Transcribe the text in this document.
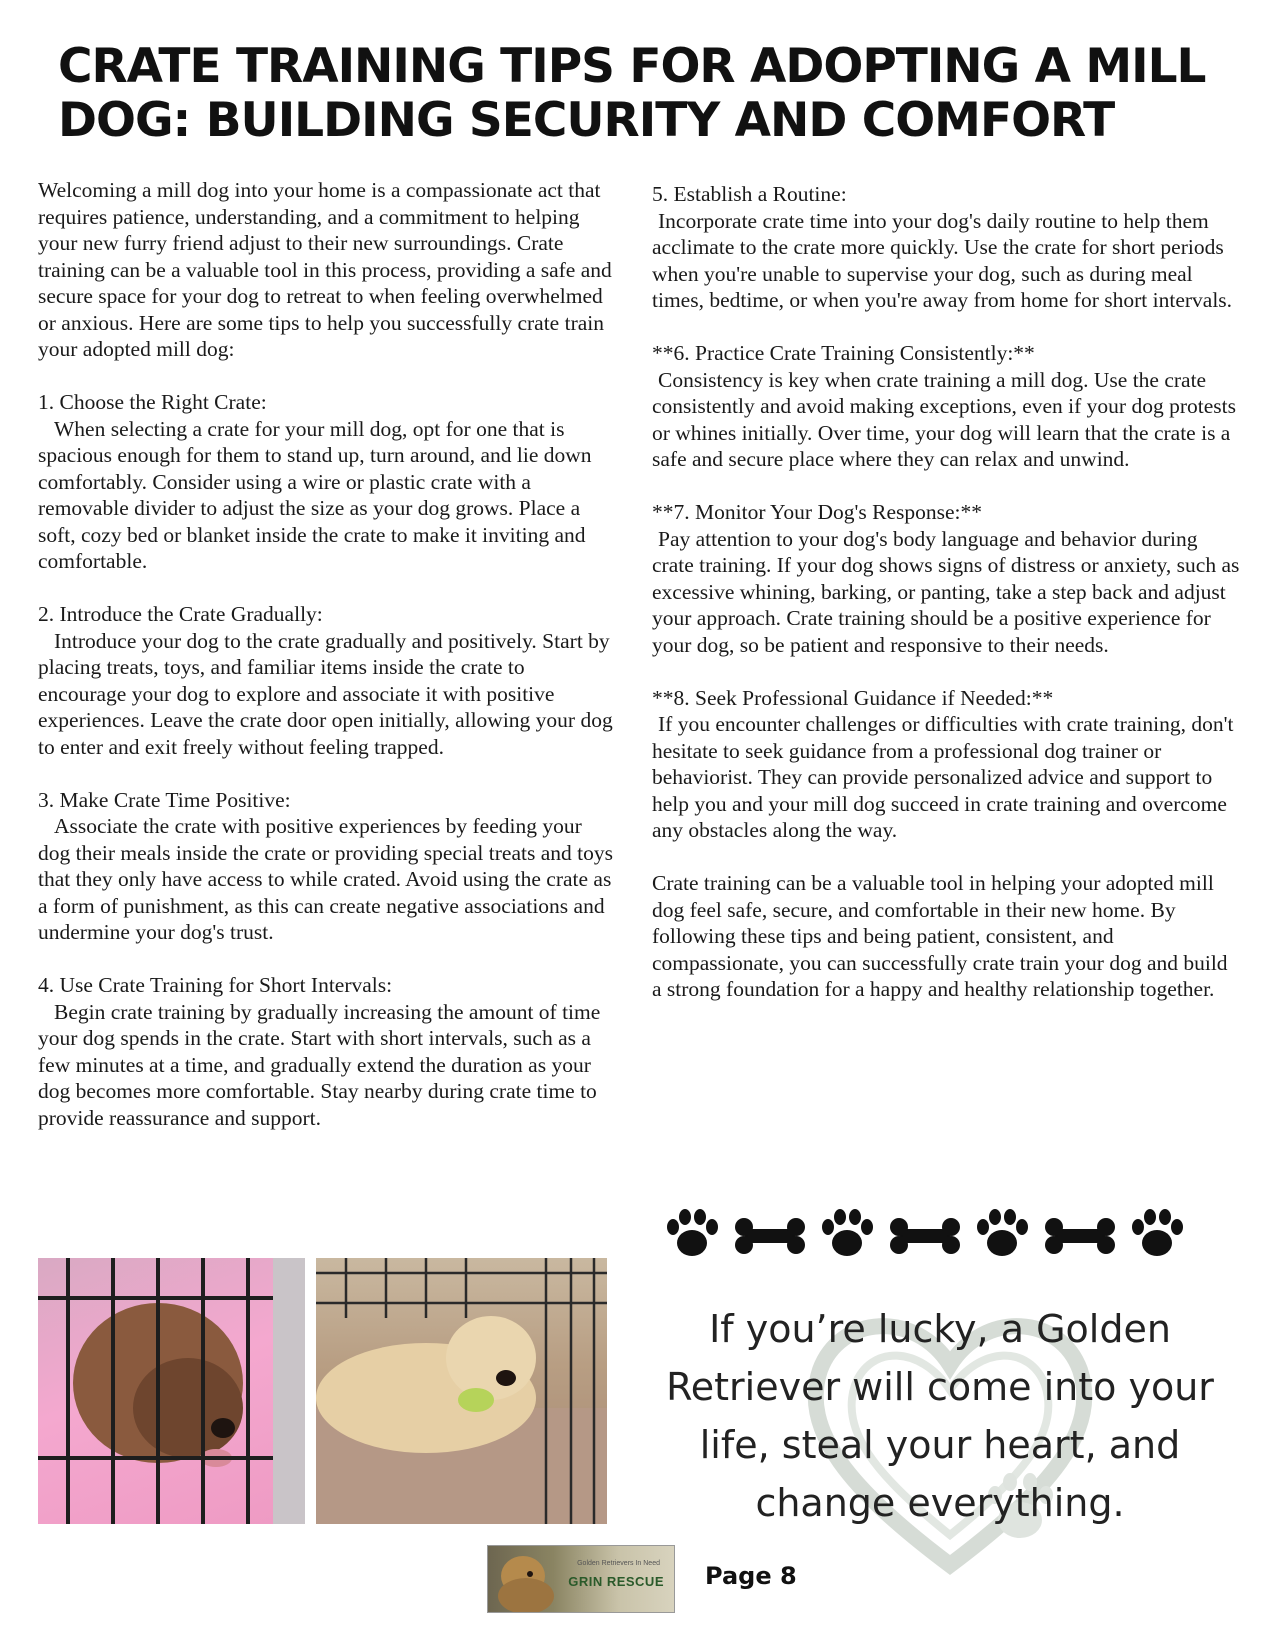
CRATE TRAINING TIPS FOR ADOPTING A MILL DOG: BUILDING SECURITY AND COMFORT

Welcoming a mill dog into your home is a compassionate act that requires patience, understanding, and a commitment to helping your new furry friend adjust to their new surroundings. Crate training can be a valuable tool in this process, providing a safe and secure space for your dog to retreat to when feeling overwhelmed or anxious. Here are some tips to help you successfully crate train your adopted mill dog:

1. Choose the Right Crate:
When selecting a crate for your mill dog, opt for one that is spacious enough for them to stand up, turn around, and lie down comfortably. Consider using a wire or plastic crate with a removable divider to adjust the size as your dog grows. Place a soft, cozy bed or blanket inside the crate to make it inviting and comfortable.
2. Introduce the Crate Gradually:
Introduce your dog to the crate gradually and positively. Start by placing treats, toys, and familiar items inside the crate to encourage your dog to explore and associate it with positive experiences. Leave the crate door open initially, allowing your dog to enter and exit freely without feeling trapped.
3. Make Crate Time Positive:
Associate the crate with positive experiences by feeding your dog their meals inside the crate or providing special treats and toys that they only have access to while crated. Avoid using the crate as a form of punishment, as this can create negative associations and undermine your dog's trust.
4. Use Crate Training for Short Intervals:
Begin crate training by gradually increasing the amount of time your dog spends in the crate. Start with short intervals, such as a few minutes at a time, and gradually extend the duration as your dog becomes more comfortable. Stay nearby during crate time to provide reassurance and support.
5. Establish a Routine:
Incorporate crate time into your dog's daily routine to help them acclimate to the crate more quickly. Use the crate for short periods when you're unable to supervise your dog, such as during meal times, bedtime, or when you're away from home for short intervals.
**6. Practice Crate Training Consistently:**
Consistency is key when crate training a mill dog. Use the crate consistently and avoid making exceptions, even if your dog protests or whines initially. Over time, your dog will learn that the crate is a safe and secure place where they can relax and unwind.
**7. Monitor Your Dog's Response:**
Pay attention to your dog's body language and behavior during crate training. If your dog shows signs of distress or anxiety, such as excessive whining, barking, or panting, take a step back and adjust your approach. Crate training should be a positive experience for your dog, so be patient and responsive to their needs.
**8. Seek Professional Guidance if Needed:**
If you encounter challenges or difficulties with crate training, don't hesitate to seek guidance from a professional dog trainer or behaviorist. They can provide personalized advice and support to help you and your mill dog succeed in crate training and overcome any obstacles along the way.

Crate training can be a valuable tool in helping your adopted mill dog feel safe, secure, and comfortable in their new home. By following these tips and being patient, consistent, and compassionate, you can successfully crate train your dog and build a strong foundation for a happy and healthy relationship together.

If you’re lucky, a Golden Retriever will come into your life, steal your heart, and change everything.
Golden Retrievers In Need
GRIN RESCUE Page 8
